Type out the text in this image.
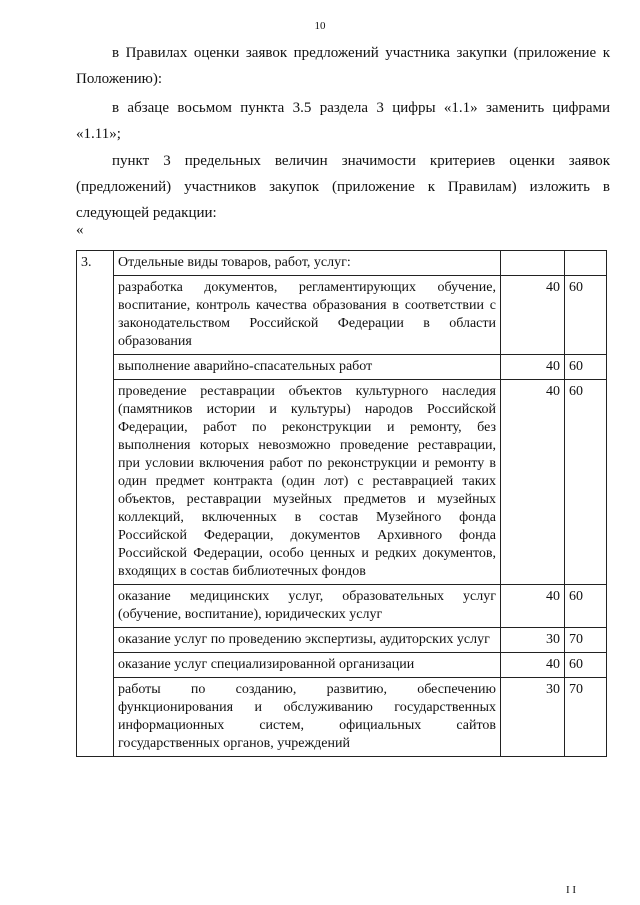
10

в Правилах оценки заявок предложений участника закупки (приложение к Положению):

в абзаце восьмом пункта 3.5 раздела 3 цифры «1.1» заменить цифрами «1.11»;

пункт 3 предельных величин значимости критериев оценки заявок (предложений) участников закупок (приложение к Правилам) изложить в следующей редакции:

«

3.	Отдельные виды товаров, работ, услуг:		
	разработка документов, регламентирующих обучение, воспитание, контроль качества образования в соответствии с законодательством Российской Федерации в области образования	40	60
	выполнение аварийно-спасательных работ	40	60
	проведение реставрации объектов культурного наследия (памятников истории и культуры) народов Российской Федерации, работ по реконструкции и ремонту, без выполнения которых невозможно проведение реставрации, при условии включения работ по реконструкции и ремонту в один предмет контракта (один лот) с реставрацией таких объектов, реставрации музейных предметов и музейных коллекций, включенных в состав Музейного фонда Российской Федерации, документов Архивного фонда Российской Федерации, особо ценных и редких документов, входящих в состав библиотечных фондов	40	60
	оказание медицинских услуг, образовательных услуг (обучение, воспитание), юридических услуг	40	60
	оказание услуг по проведению экспертизы, аудиторских услуг	30	70
	оказание услуг специализированной организации	40	60
	работы по созданию, развитию, обеспечению функционирования и обслуживанию государственных информационных систем, официальных сайтов государственных органов, учреждений	30	70
I I
